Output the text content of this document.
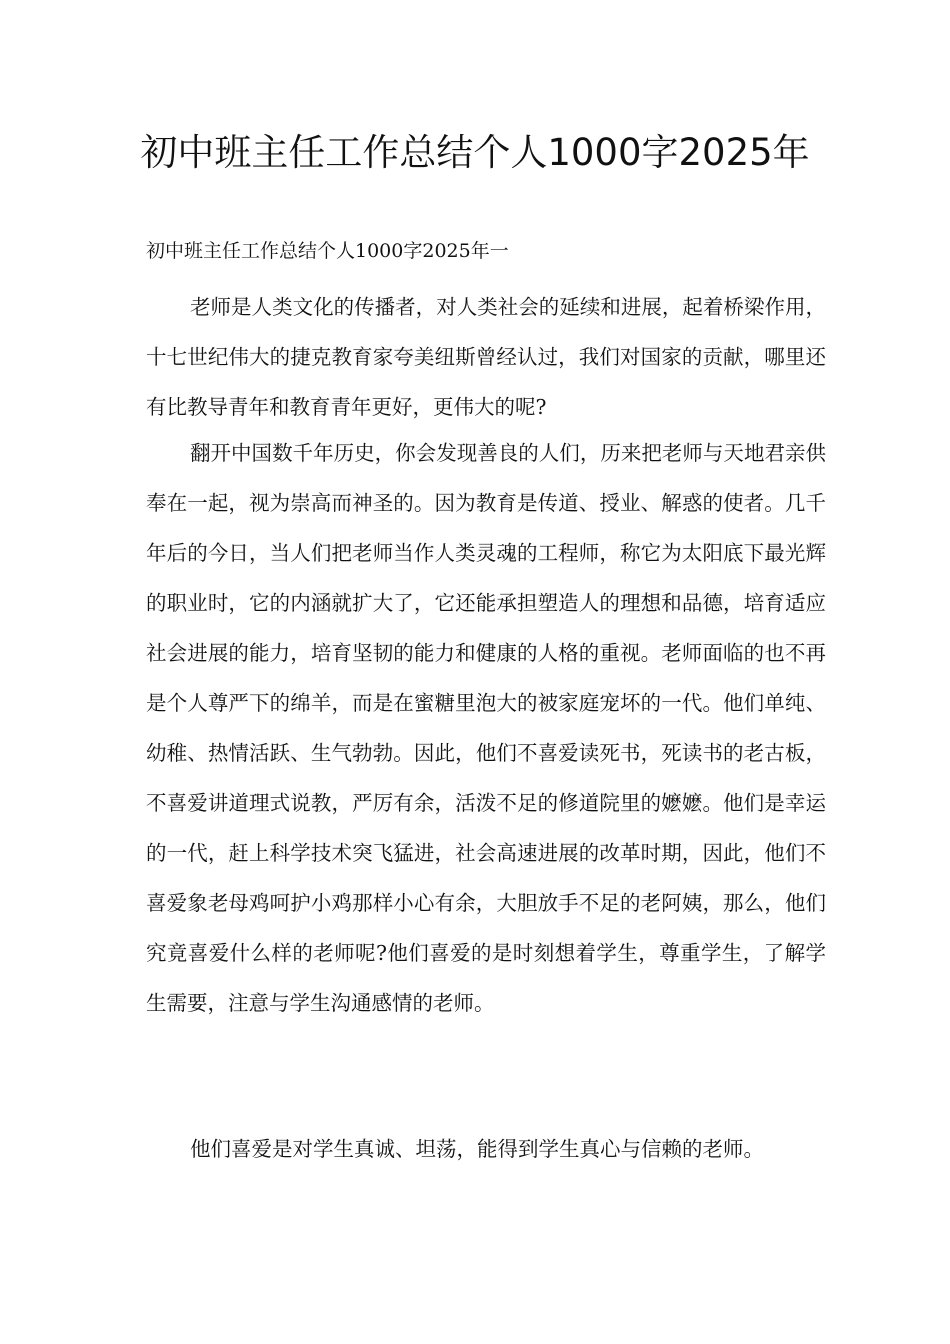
初中班主任工作总结个人1000字2025年

初中班主任工作总结个人1000字2025年一

老师是人类文化的传播者，对人类社会的延续和进展，起着桥梁作用，十七世纪伟大的捷克教育家夸美纽斯曾经认过，我们对国家的贡献，哪里还有比教导青年和教育青年更好，更伟大的呢?

翻开中国数千年历史，你会发现善良的人们，历来把老师与天地君亲供奉在一起，视为崇高而神圣的。因为教育是传道、授业、解惑的使者。几千年后的今日，当人们把老师当作人类灵魂的工程师，称它为太阳底下最光辉的职业时，它的内涵就扩大了，它还能承担塑造人的理想和品德，培育适应社会进展的能力，培育坚韧的能力和健康的人格的重视。老师面临的也不再是个人尊严下的绵羊，而是在蜜糖里泡大的被家庭宠坏的一代。他们单纯、幼稚、热情活跃、生气勃勃。因此，他们不喜爱读死书，死读书的老古板，不喜爱讲道理式说教，严厉有余，活泼不足的修道院里的嬷嬷。他们是幸运的一代，赶上科学技术突飞猛进，社会高速进展的改革时期，因此，他们不喜爱象老母鸡呵护小鸡那样小心有余，大胆放手不足的老阿姨，那么，他们究竟喜爱什么样的老师呢?他们喜爱的是时刻想着学生，尊重学生，了解学生需要，注意与学生沟通感情的老师。

他们喜爱是对学生真诚、坦荡，能得到学生真心与信赖的老师。
